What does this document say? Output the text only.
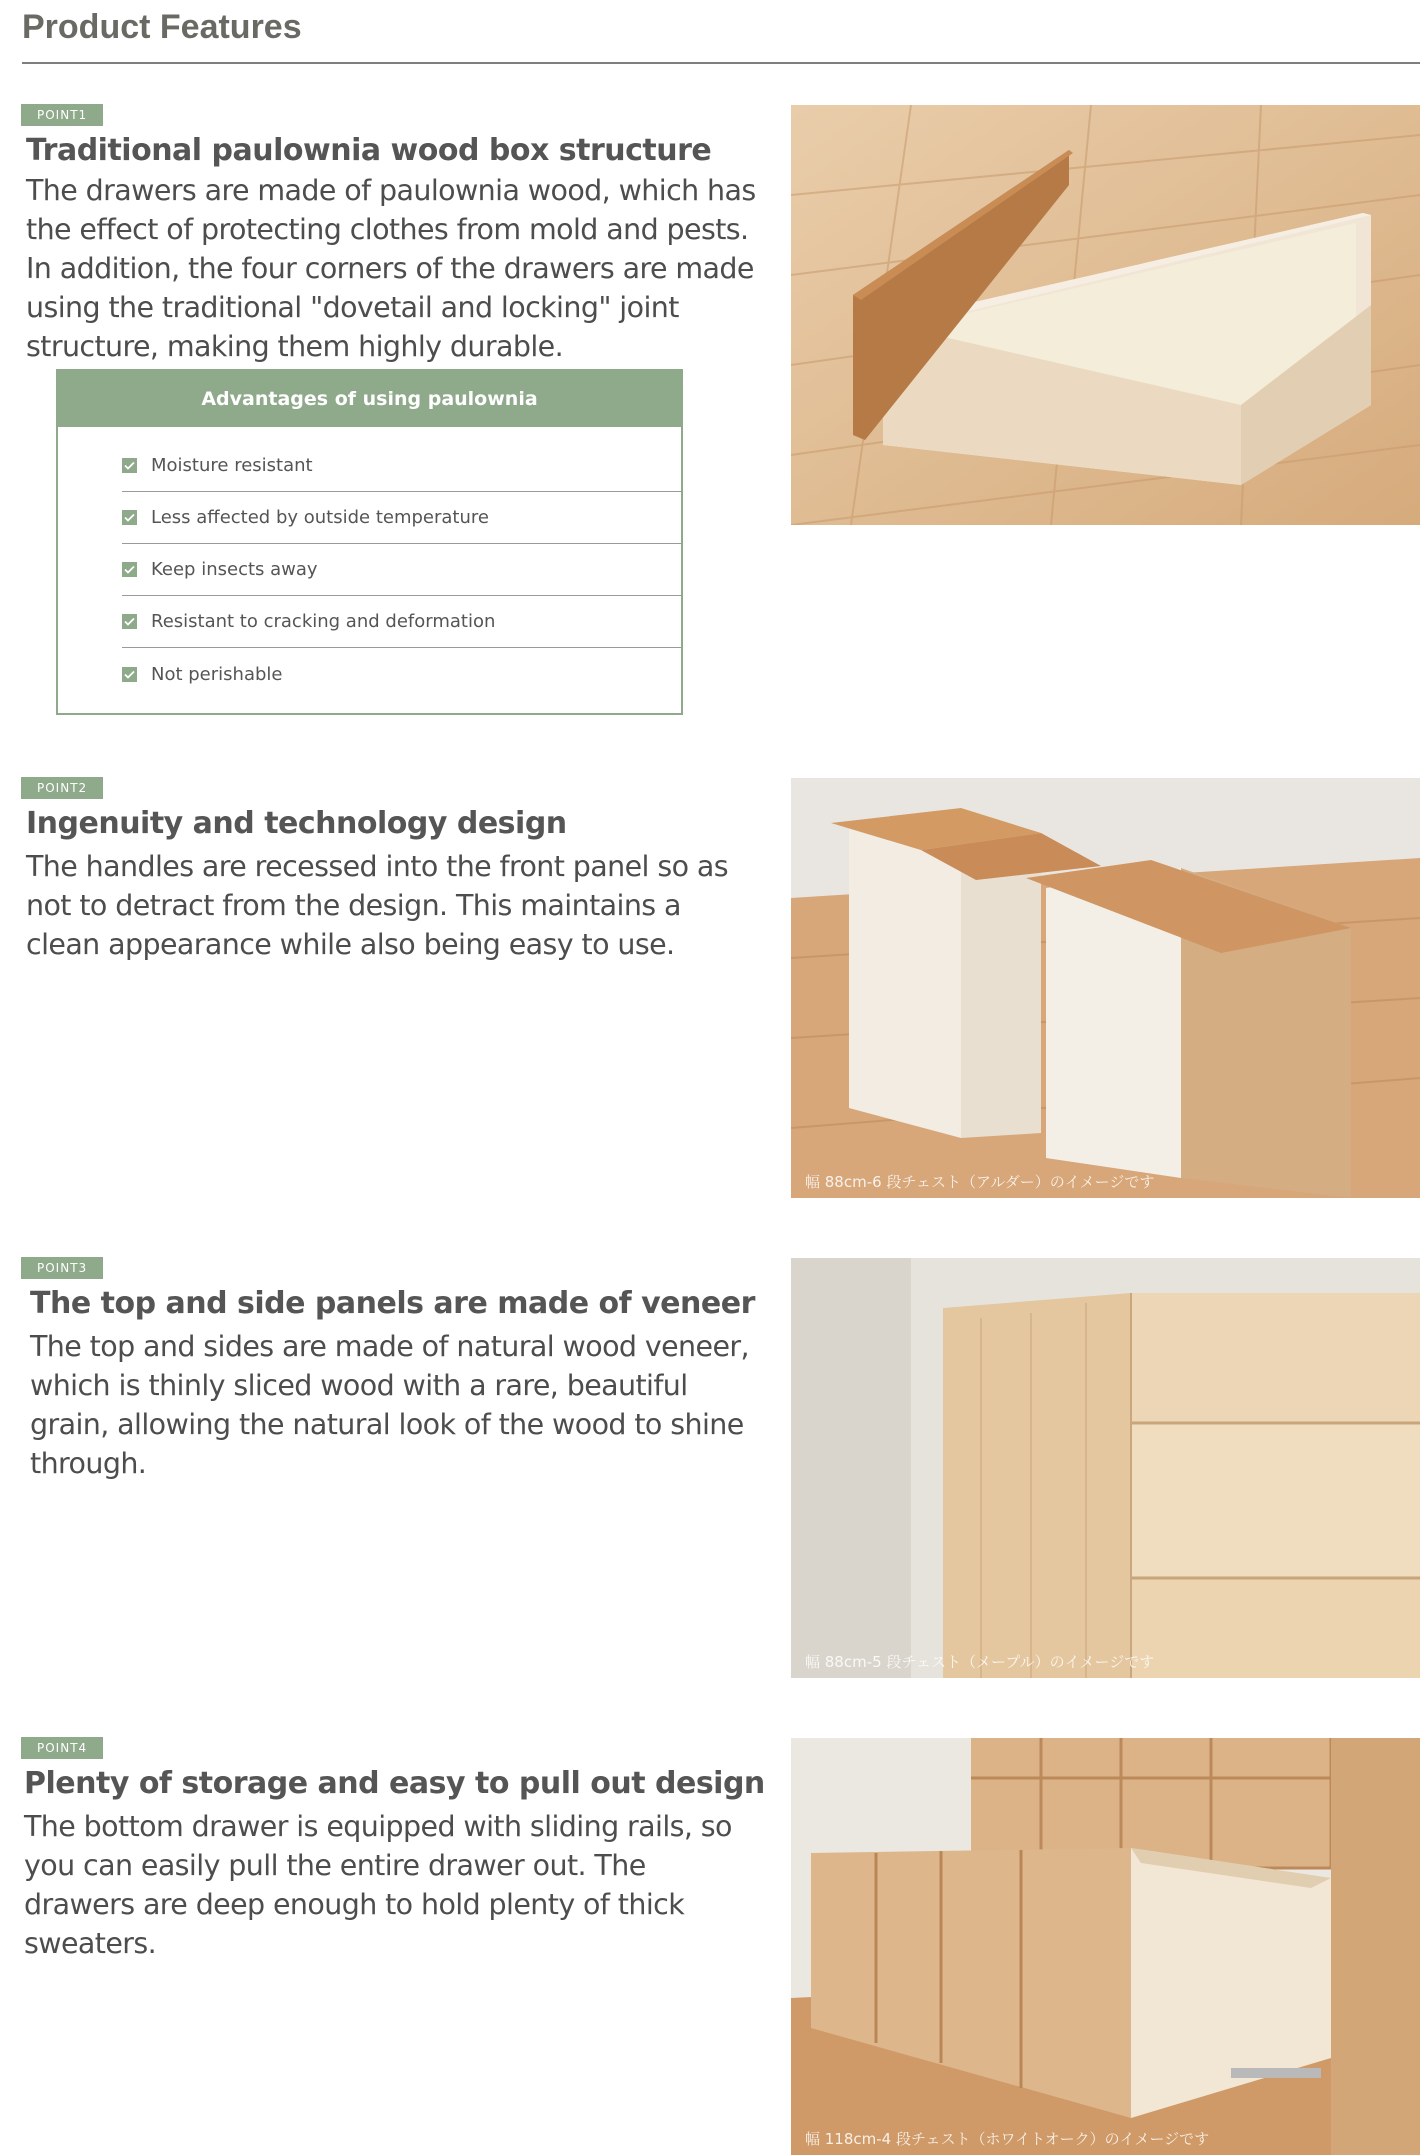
Product Features
POINT1
Traditional paulownia wood box structure

The drawers are made of paulownia wood, which has the effect of protecting clothes from mold and pests.
In addition, the four corners of the drawers are made using the traditional "dovetail and locking" joint structure, making them highly durable.

Advantages of using paulownia
Moisture resistant
Less affected by outside temperature
Keep insects away
Resistant to cracking and deformation
Not perishable
POINT2
Ingenuity and technology design

The handles are recessed into the front panel so as not to detract from the design. This maintains a clean appearance while also being easy to use.

幅 88cm-6 段チェスト（アルダー）のイメージです
POINT3
The top and side panels are made of veneer

The top and sides are made of natural wood veneer, which is thinly sliced wood with a rare, beautiful grain, allowing the natural look of the wood to shine through.

幅 88cm-5 段チェスト（メープル）のイメージです
POINT4
Plenty of storage and easy to pull out design

The bottom drawer is equipped with sliding rails, so you can easily pull the entire drawer out. The drawers are deep enough to hold plenty of thick sweaters.

幅 118cm-4 段チェスト（ホワイトオーク）のイメージです
